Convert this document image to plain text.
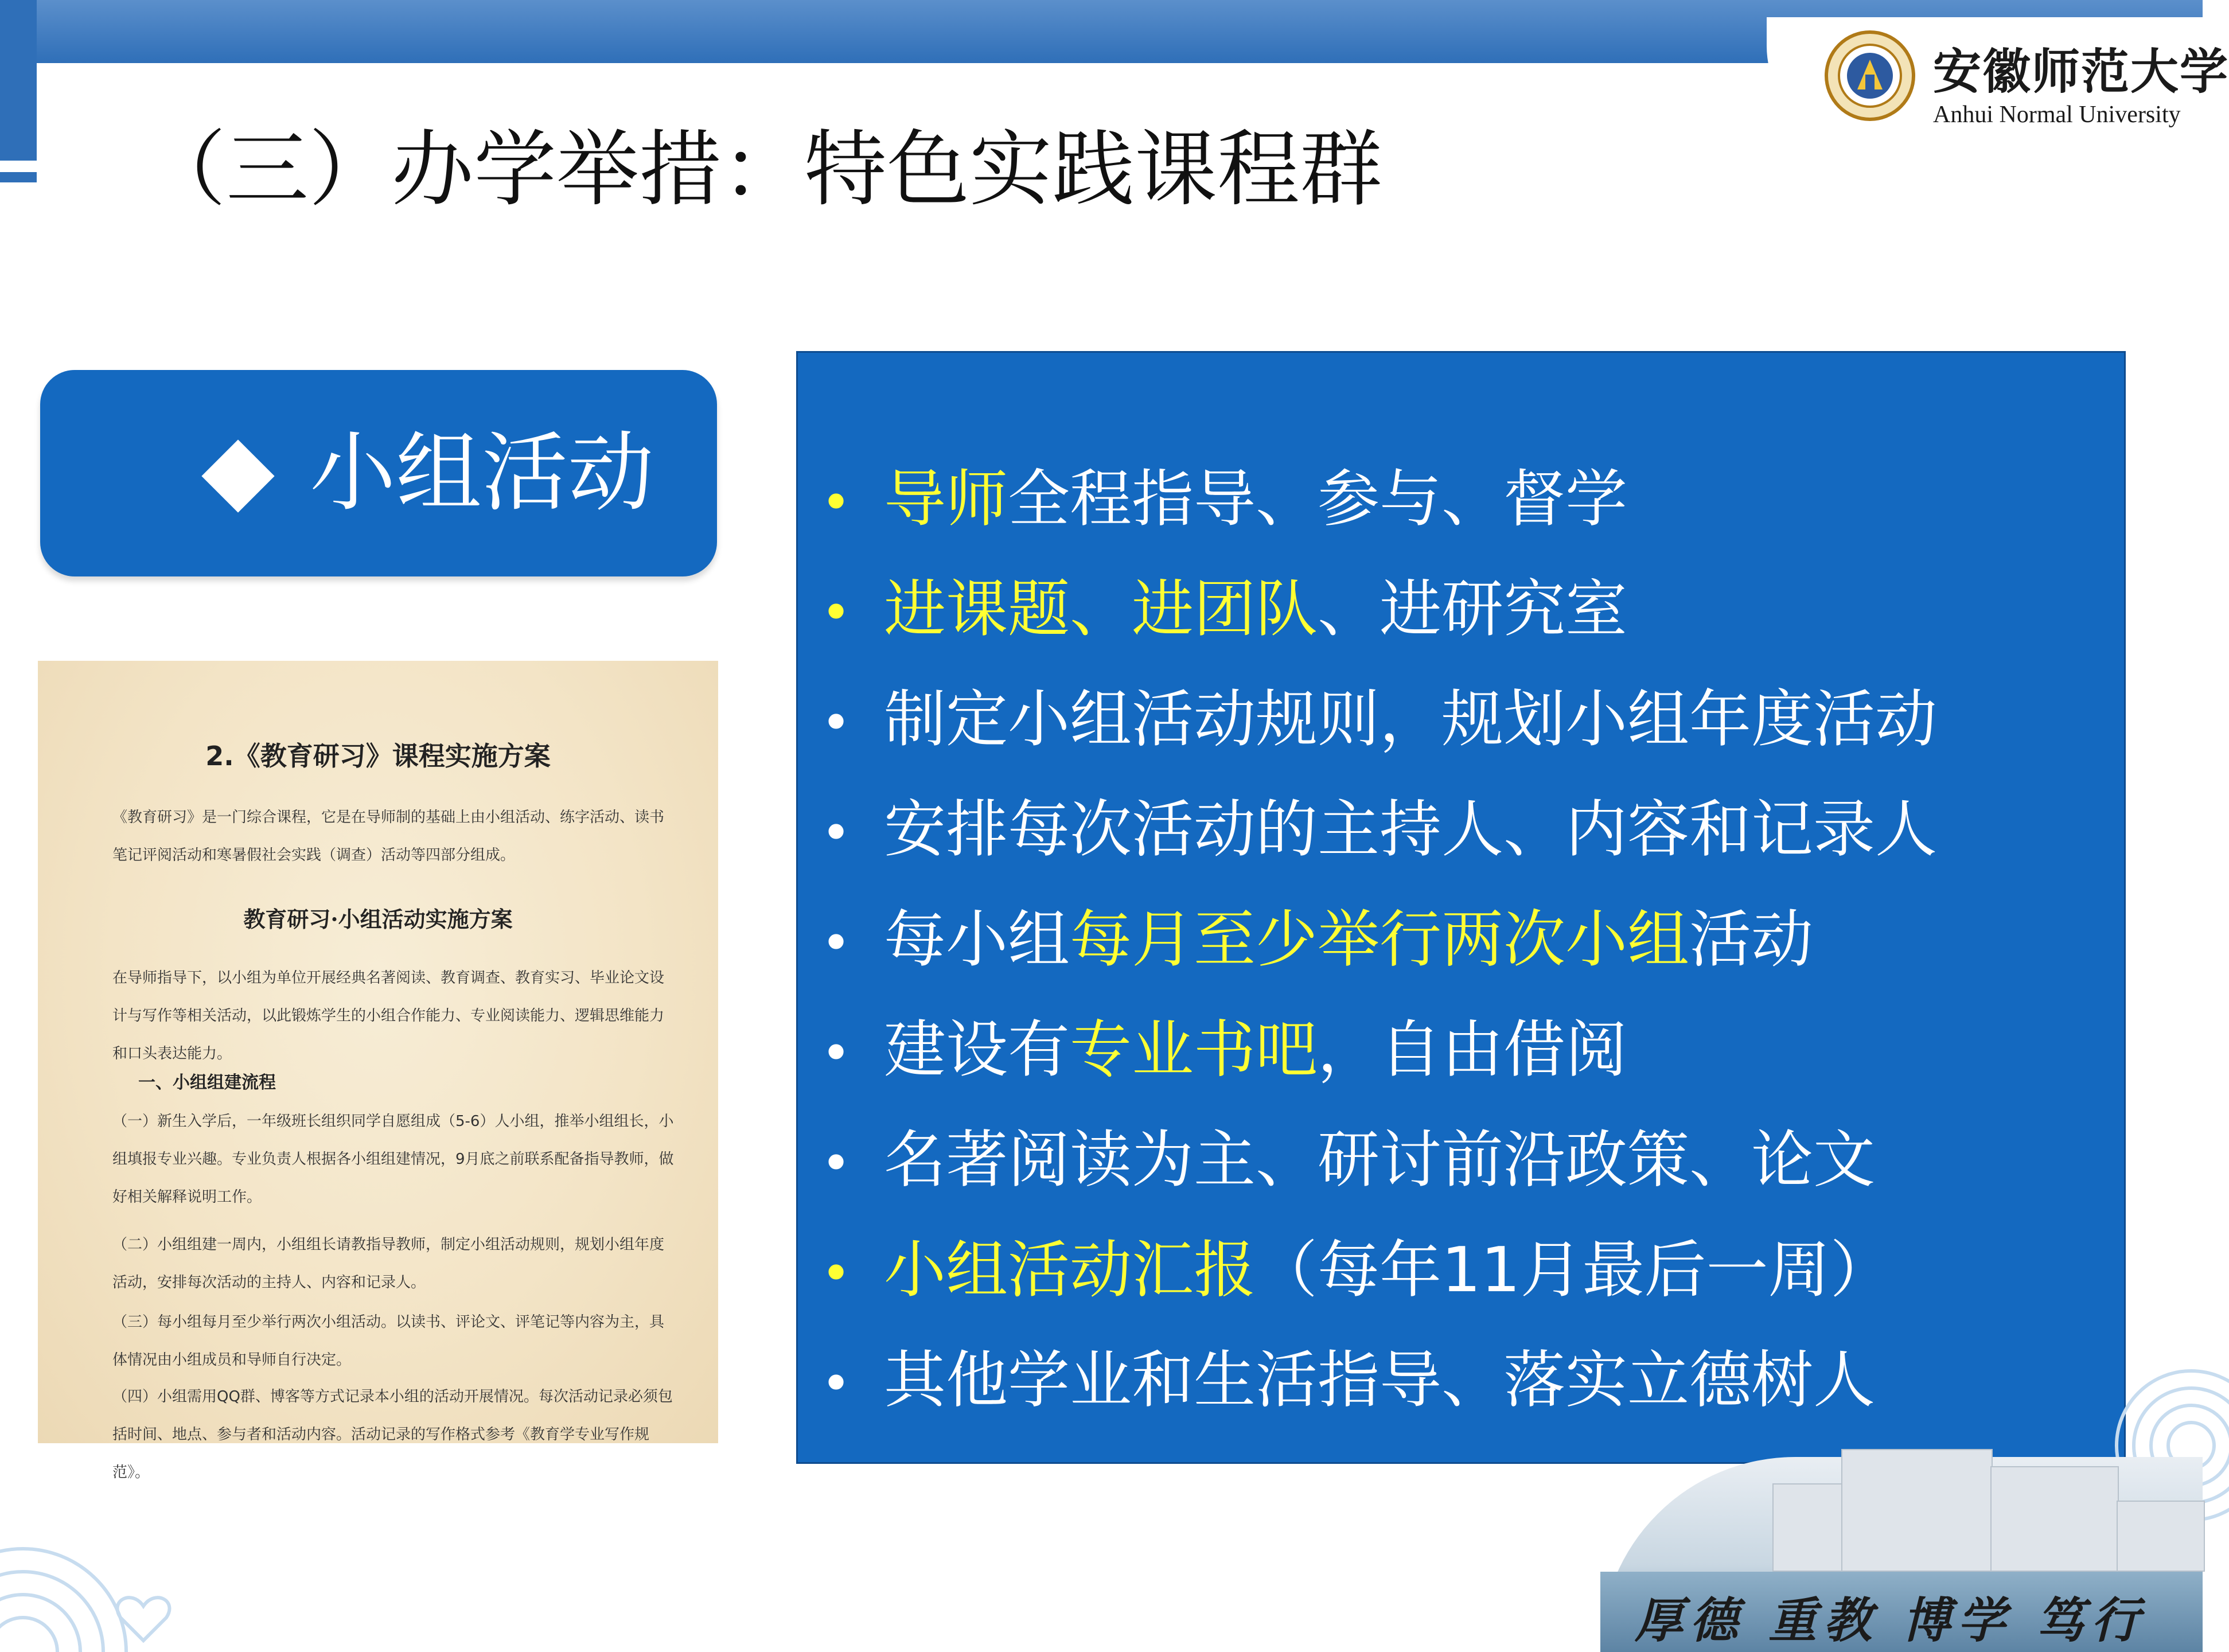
安徽师范大学
Anhui Normal University
（三）办学举措：特色实践课程群
小组活动
2.《教育研习》课程实施方案
《教育研习》是一门综合课程，它是在导师制的基础上由小组活动、练字活动、读书笔记评阅活动和寒暑假社会实践（调查）活动等四部分组成。
教育研习·小组活动实施方案
在导师指导下，以小组为单位开展经典名著阅读、教育调查、教育实习、毕业论文设计与写作等相关活动，以此锻炼学生的小组合作能力、专业阅读能力、逻辑思维能力和口头表达能力。
一、小组组建流程
（一）新生入学后，一年级班长组织同学自愿组成（5-6）人小组，推举小组组长，小组填报专业兴趣。专业负责人根据各小组组建情况，9月底之前联系配备指导教师，做好相关解释说明工作。
（二）小组组建一周内，小组组长请教指导教师，制定小组活动规则，规划小组年度活动，安排每次活动的主持人、内容和记录人。
（三）每小组每月至少举行两次小组活动。以读书、评论文、评笔记等内容为主，具体情况由小组成员和导师自行决定。
（四）小组需用QQ群、博客等方式记录本小组的活动开展情况。每次活动记录必须包括时间、地点、参与者和活动内容。活动记录的写作格式参考《教育学专业写作规范》。
• 导师全程指导、参与、督学
• 进课题、进团队、进研究室
• 制定小组活动规则，规划小组年度活动
• 安排每次活动的主持人、内容和记录人
• 每小组每月至少举行两次小组活动
• 建设有专业书吧，自由借阅
• 名著阅读为主、研讨前沿政策、论文
• 小组活动汇报（每年11月最后一周）
• 其他学业和生活指导、落实立德树人
厚德 重教 博学 笃行
